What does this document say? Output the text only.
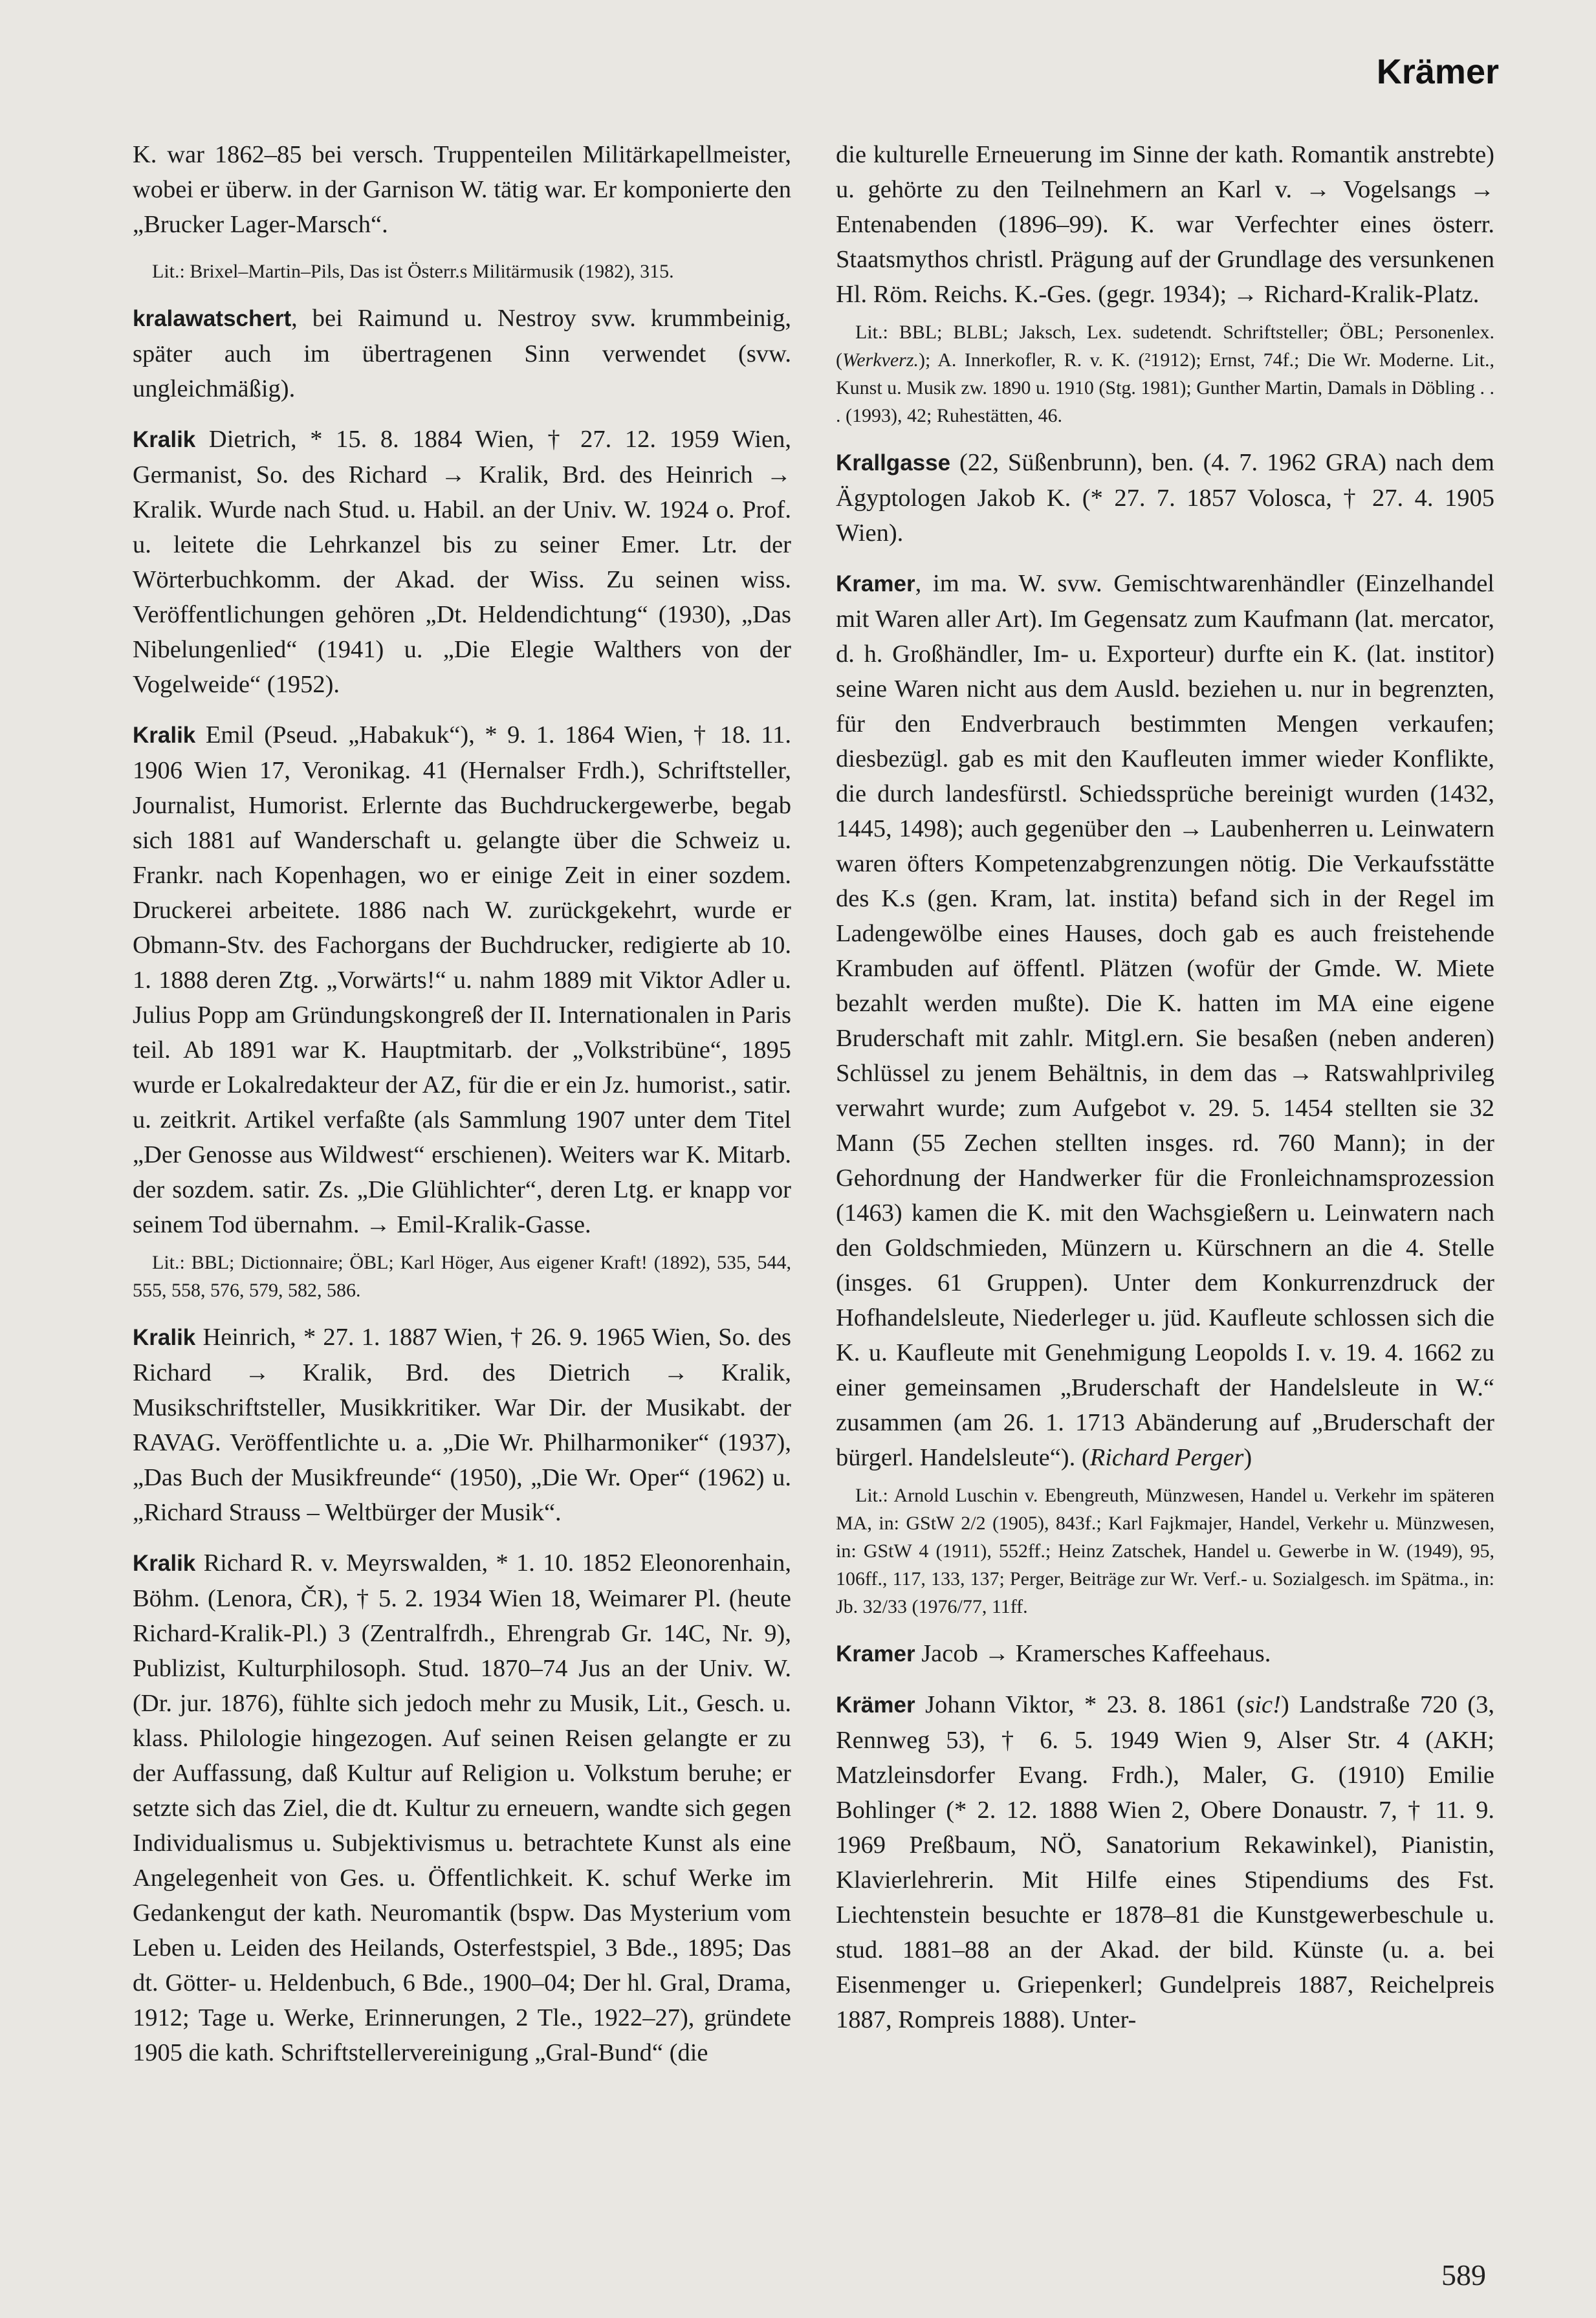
Krämer

K. war 1862–85 bei versch. Truppenteilen Militärkapellmeister, wobei er überw. in der Garnison W. tätig war. Er komponierte den „Brucker Lager-Marsch“.

Lit.: Brixel–Martin–Pils, Das ist Österr.s Militärmusik (1982), 315.

kralawatschert, bei Raimund u. Nestroy svw. krummbeinig, später auch im übertragenen Sinn verwendet (svw. ungleichmäßig).

Kralik Dietrich, * 15. 8. 1884 Wien, † 27. 12. 1959 Wien, Germanist, So. des Richard → Kralik, Brd. des Heinrich → Kralik. Wurde nach Stud. u. Habil. an der Univ. W. 1924 o. Prof. u. leitete die Lehrkanzel bis zu seiner Emer. Ltr. der Wörterbuchkomm. der Akad. der Wiss. Zu seinen wiss. Veröffentlichungen gehören „Dt. Heldendichtung“ (1930), „Das Nibelungenlied“ (1941) u. „Die Elegie Walthers von der Vogelweide“ (1952).

Kralik Emil (Pseud. „Habakuk“), * 9. 1. 1864 Wien, † 18. 11. 1906 Wien 17, Veronikag. 41 (Hernalser Frdh.), Schriftsteller, Journalist, Humorist. Erlernte das Buchdruckergewerbe, begab sich 1881 auf Wanderschaft u. gelangte über die Schweiz u. Frankr. nach Kopenhagen, wo er einige Zeit in einer sozdem. Druckerei arbeitete. 1886 nach W. zurückgekehrt, wurde er Obmann-Stv. des Fachorgans der Buchdrucker, redigierte ab 10. 1. 1888 deren Ztg. „Vorwärts!“ u. nahm 1889 mit Viktor Adler u. Julius Popp am Gründungskongreß der II. Internationalen in Paris teil. Ab 1891 war K. Hauptmitarb. der „Volkstribüne“, 1895 wurde er Lokalredakteur der AZ, für die er ein Jz. humorist., satir. u. zeitkrit. Artikel verfaßte (als Sammlung 1907 unter dem Titel „Der Genosse aus Wildwest“ erschienen). Weiters war K. Mitarb. der sozdem. satir. Zs. „Die Glühlichter“, deren Ltg. er knapp vor seinem Tod übernahm. → Emil-Kralik-Gasse.

Lit.: BBL; Dictionnaire; ÖBL; Karl Höger, Aus eigener Kraft! (1892), 535, 544, 555, 558, 576, 579, 582, 586.

Kralik Heinrich, * 27. 1. 1887 Wien, † 26. 9. 1965 Wien, So. des Richard → Kralik, Brd. des Dietrich → Kralik, Musikschriftsteller, Musikkritiker. War Dir. der Musikabt. der RAVAG. Veröffentlichte u. a. „Die Wr. Philharmoniker“ (1937), „Das Buch der Musikfreunde“ (1950), „Die Wr. Oper“ (1962) u. „Richard Strauss – Weltbürger der Musik“.

Kralik Richard R. v. Meyrswalden, * 1. 10. 1852 Eleonorenhain, Böhm. (Lenora, ČR), † 5. 2. 1934 Wien 18, Weimarer Pl. (heute Richard-Kralik-Pl.) 3 (Zentralfrdh., Ehrengrab Gr. 14C, Nr. 9), Publizist, Kulturphilosoph. Stud. 1870–74 Jus an der Univ. W. (Dr. jur. 1876), fühlte sich jedoch mehr zu Musik, Lit., Gesch. u. klass. Philologie hingezogen. Auf seinen Reisen gelangte er zu der Auffassung, daß Kultur auf Religion u. Volkstum beruhe; er setzte sich das Ziel, die dt. Kultur zu erneuern, wandte sich gegen Individualismus u. Subjektivismus u. betrachtete Kunst als eine Angelegenheit von Ges. u. Öffentlichkeit. K. schuf Werke im Gedankengut der kath. Neuromantik (bspw. Das Mysterium vom Leben u. Leiden des Heilands, Osterfestspiel, 3 Bde., 1895; Das dt. Götter- u. Heldenbuch, 6 Bde., 1900–04; Der hl. Gral, Drama, 1912; Tage u. Werke, Erinnerungen, 2 Tle., 1922–27), gründete 1905 die kath. Schriftstellervereinigung „Gral-Bund“ (die

die kulturelle Erneuerung im Sinne der kath. Romantik anstrebte) u. gehörte zu den Teilnehmern an Karl v. → Vogelsangs → Entenabenden (1896–99). K. war Verfechter eines österr. Staatsmythos christl. Prägung auf der Grundlage des versunkenen Hl. Röm. Reichs. K.-Ges. (gegr. 1934); → Richard-Kralik-Platz.

Lit.: BBL; BLBL; Jaksch, Lex. sudetendt. Schriftsteller; ÖBL; Personenlex. (Werkverz.); A. Innerkofler, R. v. K. (²1912); Ernst, 74f.; Die Wr. Moderne. Lit., Kunst u. Musik zw. 1890 u. 1910 (Stg. 1981); Gunther Martin, Damals in Döbling . . . (1993), 42; Ruhestätten, 46.

Krallgasse (22, Süßenbrunn), ben. (4. 7. 1962 GRA) nach dem Ägyptologen Jakob K. (* 27. 7. 1857 Volosca, † 27. 4. 1905 Wien).

Kramer, im ma. W. svw. Gemischtwarenhändler (Einzelhandel mit Waren aller Art). Im Gegensatz zum Kaufmann (lat. mercator, d. h. Großhändler, Im- u. Exporteur) durfte ein K. (lat. institor) seine Waren nicht aus dem Ausld. beziehen u. nur in begrenzten, für den Endverbrauch bestimmten Mengen verkaufen; diesbezügl. gab es mit den Kaufleuten immer wieder Konflikte, die durch landesfürstl. Schiedssprüche bereinigt wurden (1432, 1445, 1498); auch gegenüber den → Laubenherren u. Leinwatern waren öfters Kompetenzabgrenzungen nötig. Die Verkaufsstätte des K.s (gen. Kram, lat. instita) befand sich in der Regel im Ladengewölbe eines Hauses, doch gab es auch freistehende Krambuden auf öffentl. Plätzen (wofür der Gmde. W. Miete bezahlt werden mußte). Die K. hatten im MA eine eigene Bruderschaft mit zahlr. Mitgl.ern. Sie besaßen (neben anderen) Schlüssel zu jenem Behältnis, in dem das → Ratswahlprivileg verwahrt wurde; zum Aufgebot v. 29. 5. 1454 stellten sie 32 Mann (55 Zechen stellten insges. rd. 760 Mann); in der Gehordnung der Handwerker für die Fronleichnamsprozession (1463) kamen die K. mit den Wachsgießern u. Leinwatern nach den Goldschmieden, Münzern u. Kürschnern an die 4. Stelle (insges. 61 Gruppen). Unter dem Konkurrenzdruck der Hofhandelsleute, Niederleger u. jüd. Kaufleute schlossen sich die K. u. Kaufleute mit Genehmigung Leopolds I. v. 19. 4. 1662 zu einer gemeinsamen „Bruderschaft der Handelsleute in W.“ zusammen (am 26. 1. 1713 Abänderung auf „Bruderschaft der bürgerl. Handelsleute“). (Richard Perger)

Lit.: Arnold Luschin v. Ebengreuth, Münzwesen, Handel u. Verkehr im späteren MA, in: GStW 2/2 (1905), 843f.; Karl Fajkmajer, Handel, Verkehr u. Münzwesen, in: GStW 4 (1911), 552ff.; Heinz Zatschek, Handel u. Gewerbe in W. (1949), 95, 106ff., 117, 133, 137; Perger, Beiträge zur Wr. Verf.- u. Sozialgesch. im Spätma., in: Jb. 32/33 (1976/77, 11ff.

Kramer Jacob → Kramersches Kaffeehaus.

Krämer Johann Viktor, * 23. 8. 1861 (sic!) Landstraße 720 (3, Rennweg 53), † 6. 5. 1949 Wien 9, Alser Str. 4 (AKH; Matzleinsdorfer Evang. Frdh.), Maler, G. (1910) Emilie Bohlinger (* 2. 12. 1888 Wien 2, Obere Donaustr. 7, † 11. 9. 1969 Preßbaum, NÖ, Sanatorium Rekawinkel), Pianistin, Klavierlehrerin. Mit Hilfe eines Stipendiums des Fst. Liechtenstein besuchte er 1878–81 die Kunstgewerbeschule u. stud. 1881–88 an der Akad. der bild. Künste (u. a. bei Eisenmenger u. Griepenkerl; Gundelpreis 1887, Reichelpreis 1887, Rompreis 1888). Unter-

589
